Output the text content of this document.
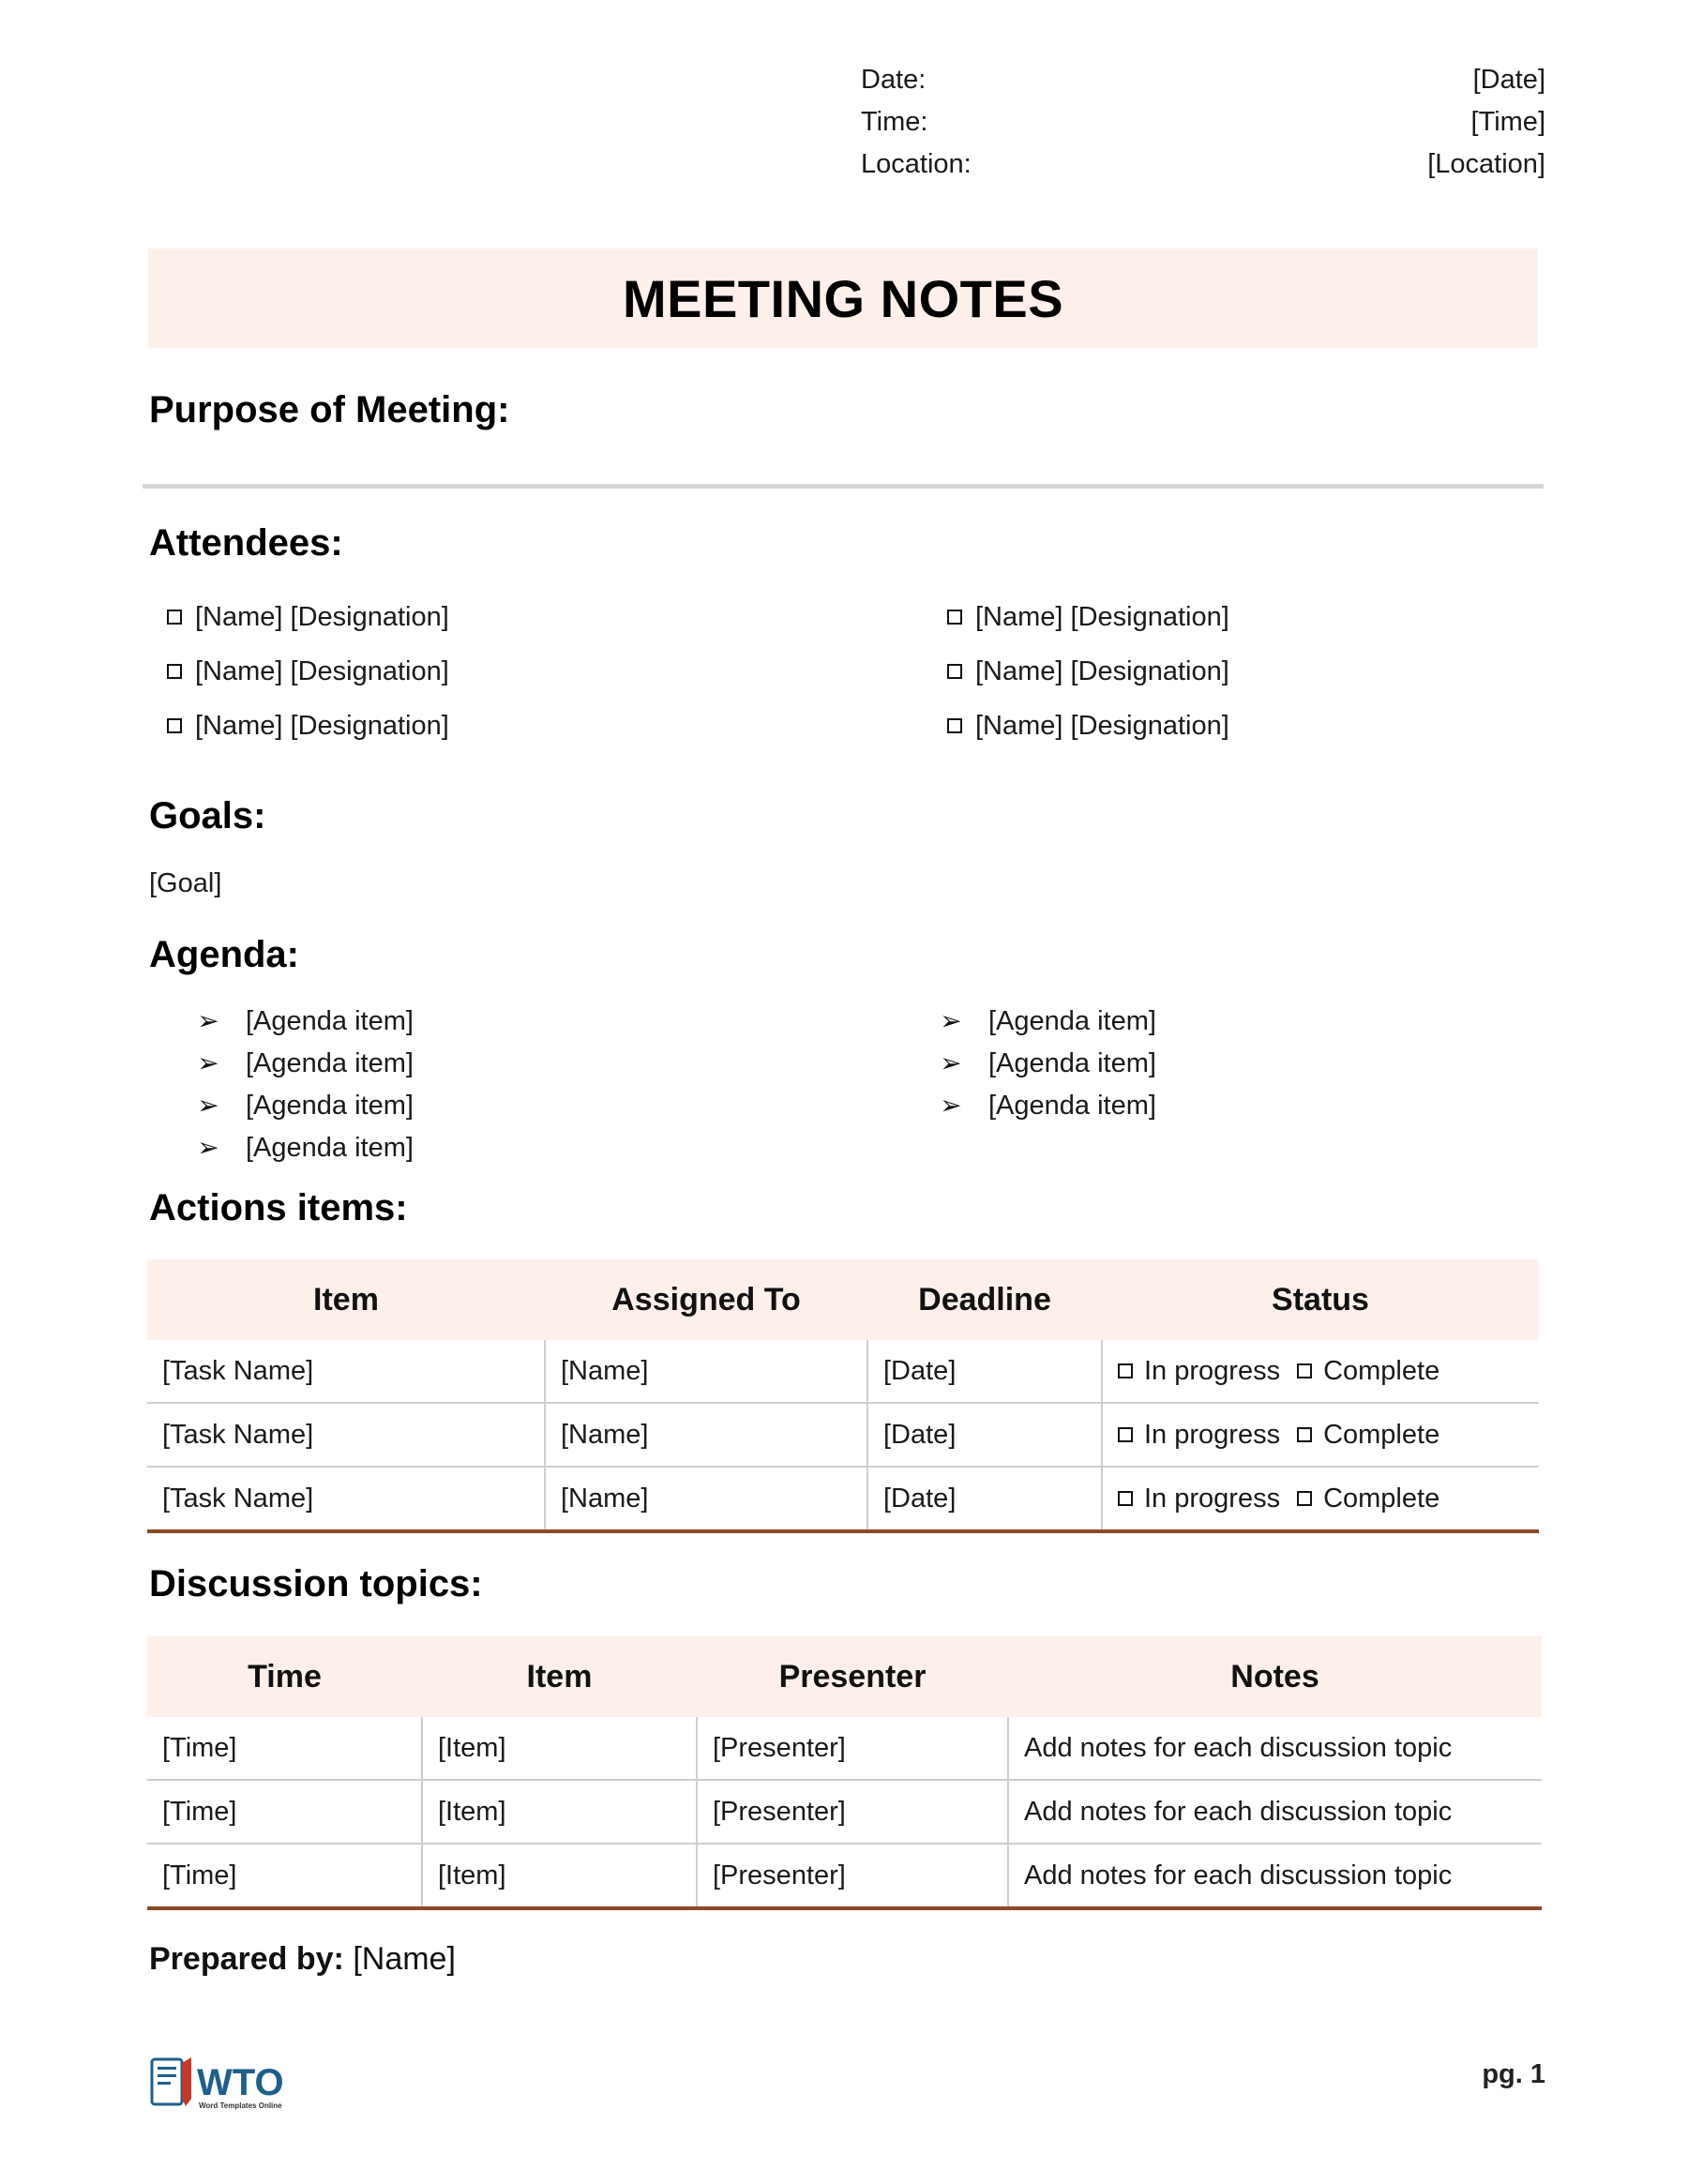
Date:	[Date]
Time:	[Time]
Location:	[Location]
MEETING NOTES
Purpose of Meeting:
Attendees:
[Name] [Designation]
[Name] [Designation]
[Name] [Designation]
[Name] [Designation]
[Name] [Designation]
[Name] [Designation]
Goals:
[Goal]
Agenda:
➢ [Agenda item]
➢ [Agenda item]
➢ [Agenda item]
➢ [Agenda item]
➢ [Agenda item]
➢ [Agenda item]
➢ [Agenda item]
Actions items:
Item	Assigned To	Deadline	Status
[Task Name]	[Name]	[Date]	In progress Complete

[Task Name]	[Name]	[Date]	In progress Complete

[Task Name]	[Name]	[Date]	In progress Complete
Discussion topics:
Time	Item	Presenter	Notes
[Time]	[Item]	[Presenter]	Add notes for each discussion topic
[Time]	[Item]	[Presenter]	Add notes for each discussion topic
[Time]	[Item]	[Presenter]	Add notes for each discussion topic
Prepared by: [Name]
WTO
Word Templates Online
pg. 1
